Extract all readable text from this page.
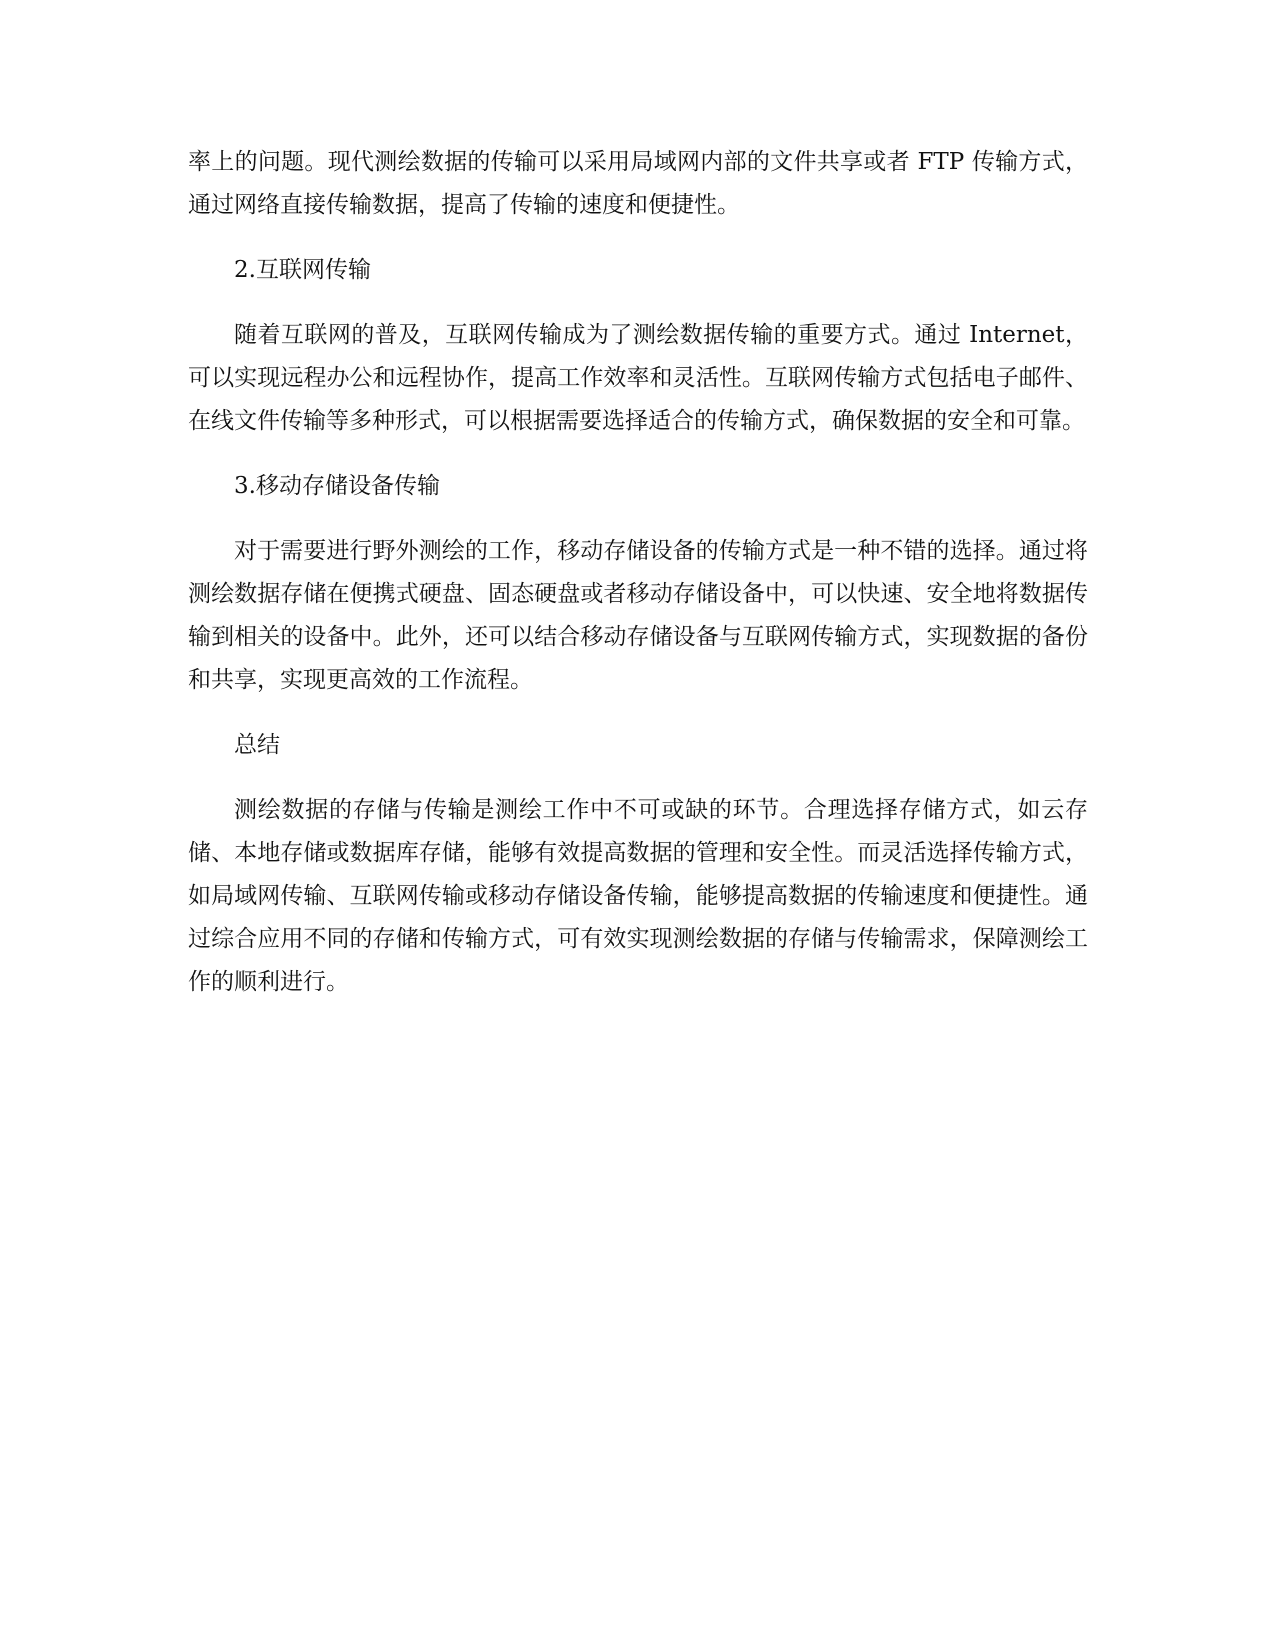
率上的问题。现代测绘数据的传输可以采用局域网内部的文件共享或者 FTP 传输方式，通过网络直接传输数据，提高了传输的速度和便捷性。

2.互联网传输

随着互联网的普及，互联网传输成为了测绘数据传输的重要方式。通过 Internet，可以实现远程办公和远程协作，提高工作效率和灵活性。互联网传输方式包括电子邮件、在线文件传输等多种形式，可以根据需要选择适合的传输方式，确保数据的安全和可靠。

3.移动存储设备传输

对于需要进行野外测绘的工作，移动存储设备的传输方式是一种不错的选择。通过将测绘数据存储在便携式硬盘、固态硬盘或者移动存储设备中，可以快速、安全地将数据传输到相关的设备中。此外，还可以结合移动存储设备与互联网传输方式，实现数据的备份和共享，实现更高效的工作流程。

总结

测绘数据的存储与传输是测绘工作中不可或缺的环节。合理选择存储方式，如云存储、本地存储或数据库存储，能够有效提高数据的管理和安全性。而灵活选择传输方式，如局域网传输、互联网传输或移动存储设备传输，能够提高数据的传输速度和便捷性。通过综合应用不同的存储和传输方式，可有效实现测绘数据的存储与传输需求，保障测绘工作的顺利进行。
